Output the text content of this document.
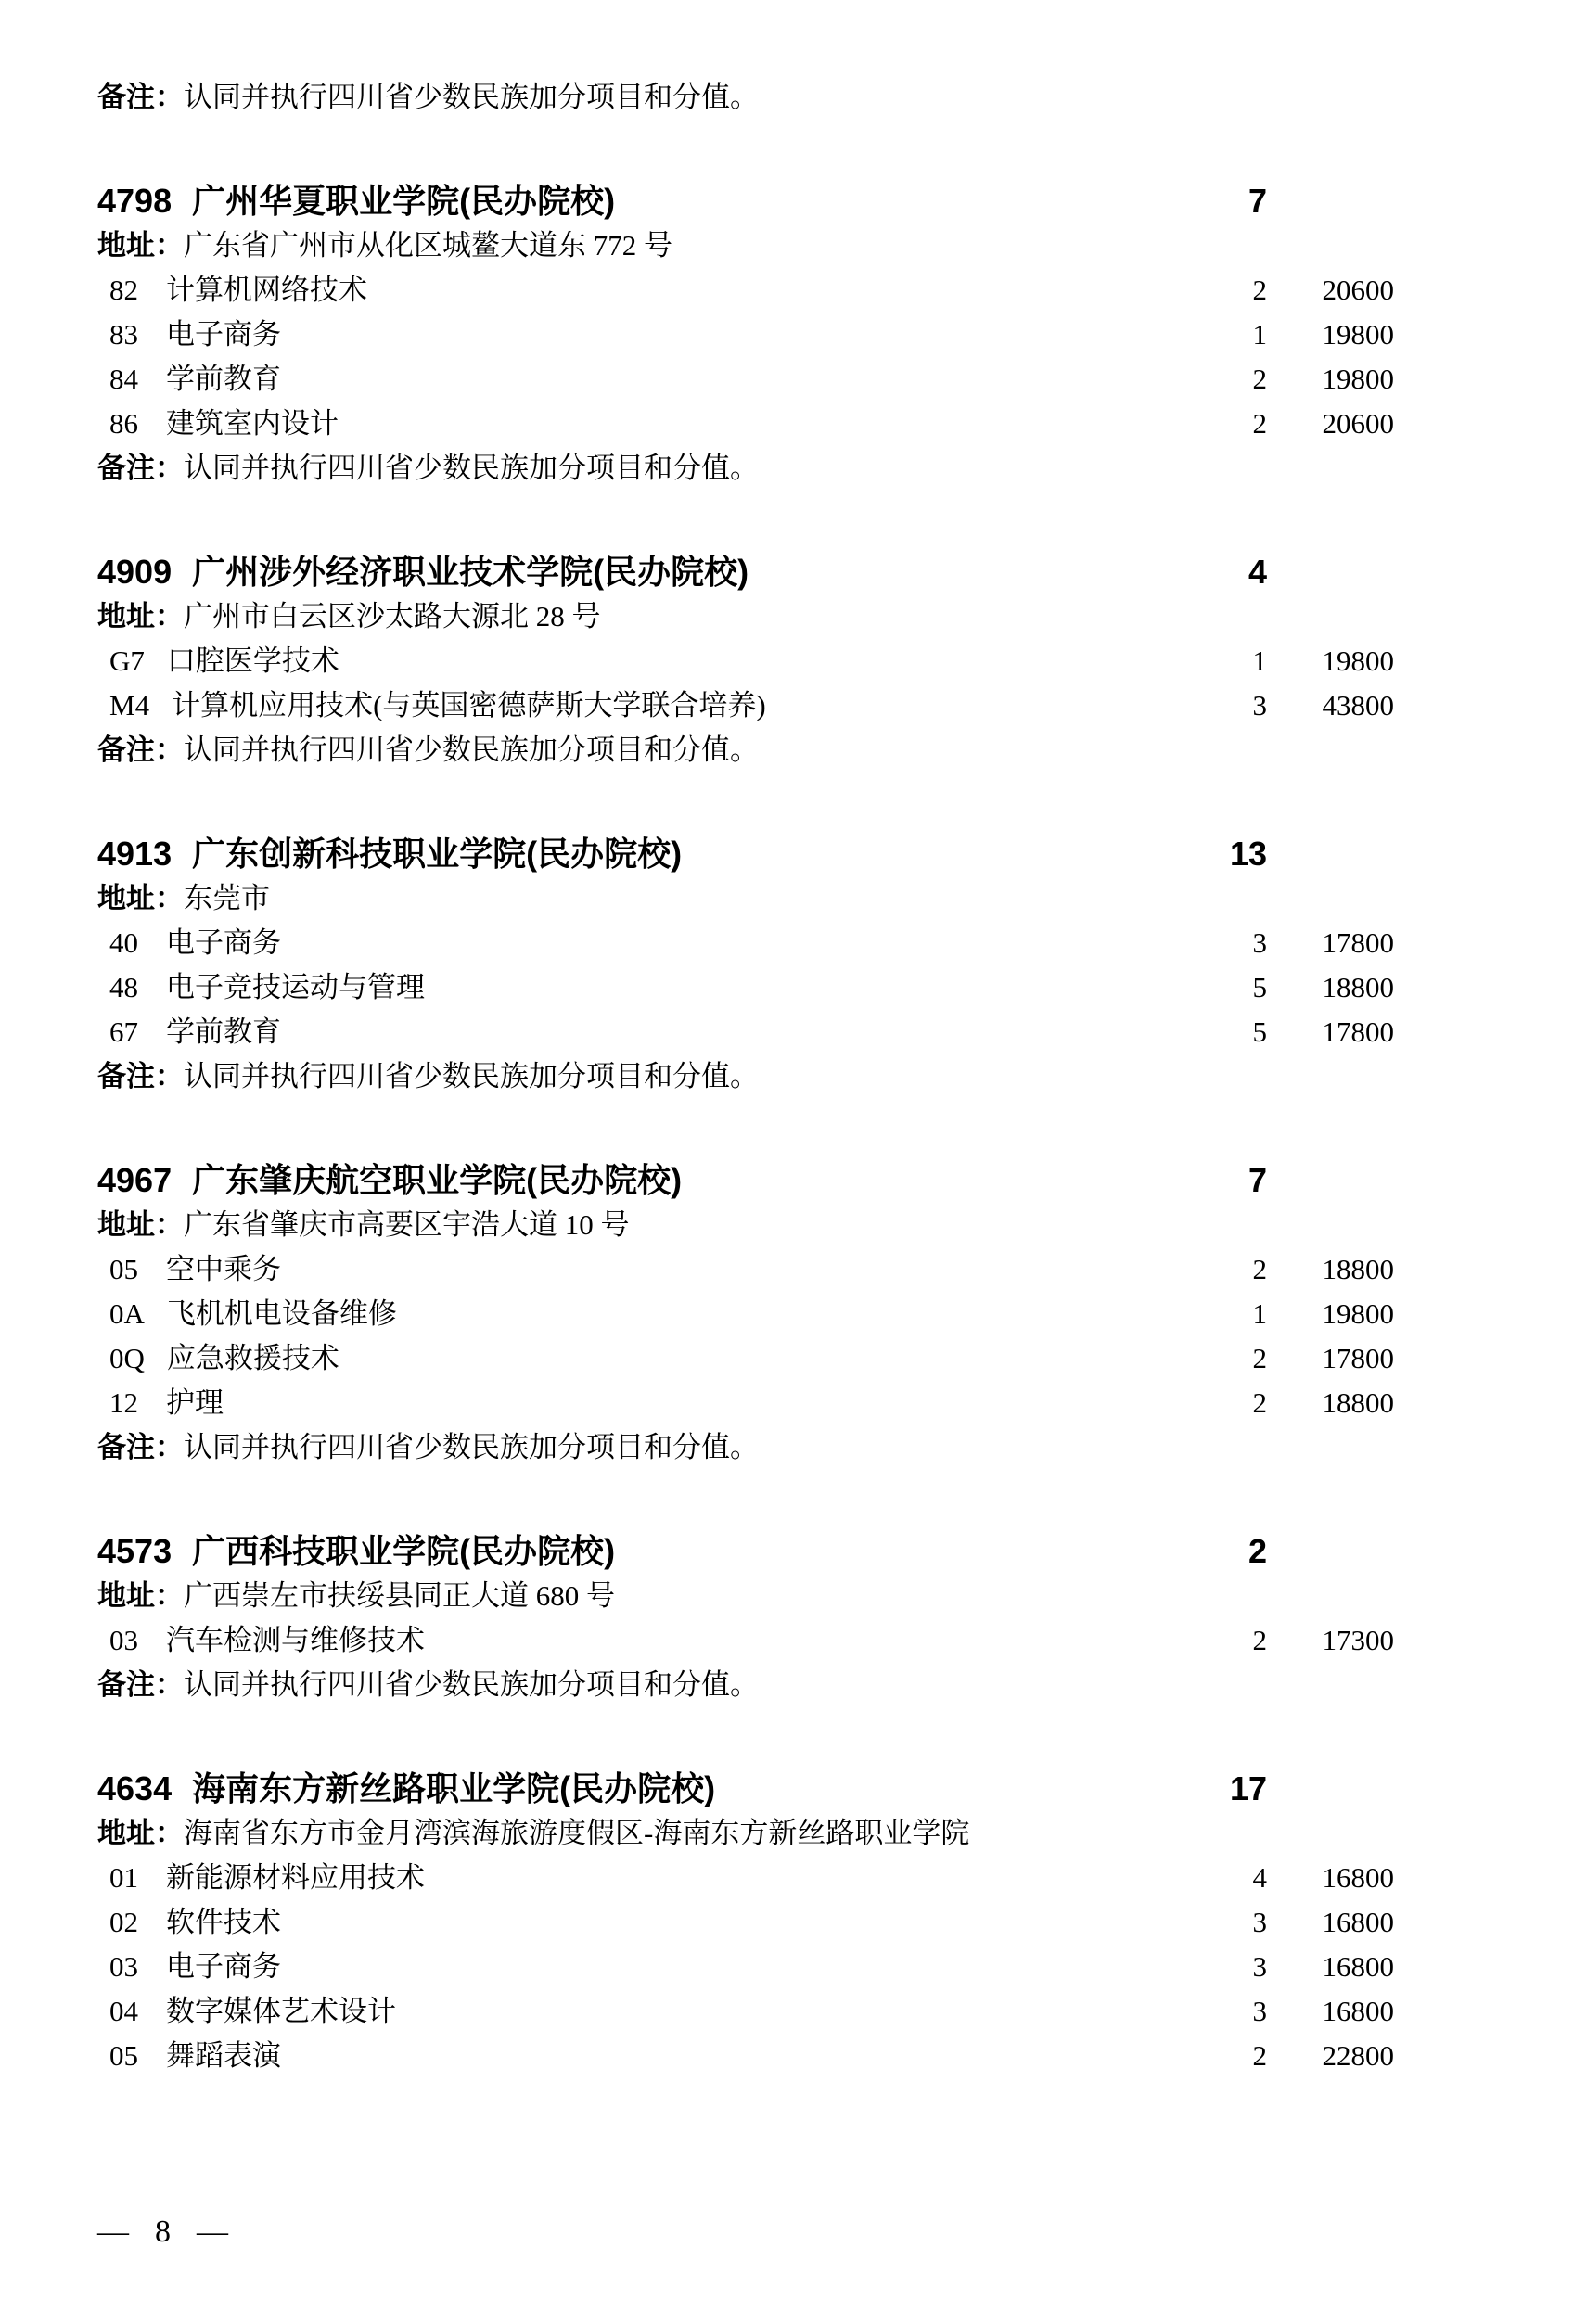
备注：认同并执行四川省少数民族加分项目和分值。
4798 广州华夏职业学院(民办院校)	7
地址：广东省广州市从化区城鳌大道东 772 号
82 计算机网络技术	2 20600
83 电子商务	1 19800
84 学前教育	2 19800
86 建筑室内设计	2 20600
备注：认同并执行四川省少数民族加分项目和分值。
4909 广州涉外经济职业技术学院(民办院校)	4
地址：广州市白云区沙太路大源北 28 号
G7 口腔医学技术	1 19800
M4 计算机应用技术(与英国密德萨斯大学联合培养)	3 43800
备注：认同并执行四川省少数民族加分项目和分值。
4913 广东创新科技职业学院(民办院校)	13
地址：东莞市
40 电子商务	3 17800
48 电子竞技运动与管理	5 18800
67 学前教育	5 17800
备注：认同并执行四川省少数民族加分项目和分值。
4967 广东肇庆航空职业学院(民办院校)	7
地址：广东省肇庆市高要区宇浩大道 10 号
05 空中乘务	2 18800
0A 飞机机电设备维修	1 19800
0Q 应急救援技术	2 17800
12 护理	2 18800
备注：认同并执行四川省少数民族加分项目和分值。
4573 广西科技职业学院(民办院校)	2
地址：广西崇左市扶绥县同正大道 680 号
03 汽车检测与维修技术	2 17300
备注：认同并执行四川省少数民族加分项目和分值。
4634 海南东方新丝路职业学院(民办院校)	17
地址：海南省东方市金月湾滨海旅游度假区-海南东方新丝路职业学院
01 新能源材料应用技术	4 16800
02 软件技术	3 16800
03 电子商务	3 16800
04 数字媒体艺术设计	3 16800
05 舞蹈表演	2 22800
— 8 —
